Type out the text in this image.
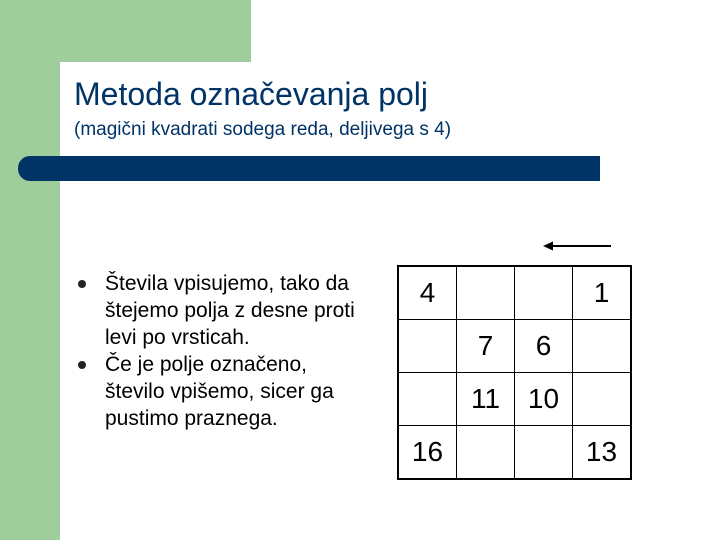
Metoda označevanja polj

(magični kvadrati sodega reda, deljivega s 4)

Števila vpisujemo, tako da štejemo polja z desne proti levi po vrsticah.
Če je polje označeno, število vpišemo, sicer ga pustimo praznega.
4			1
	7	6	
	11	10	
16			13
